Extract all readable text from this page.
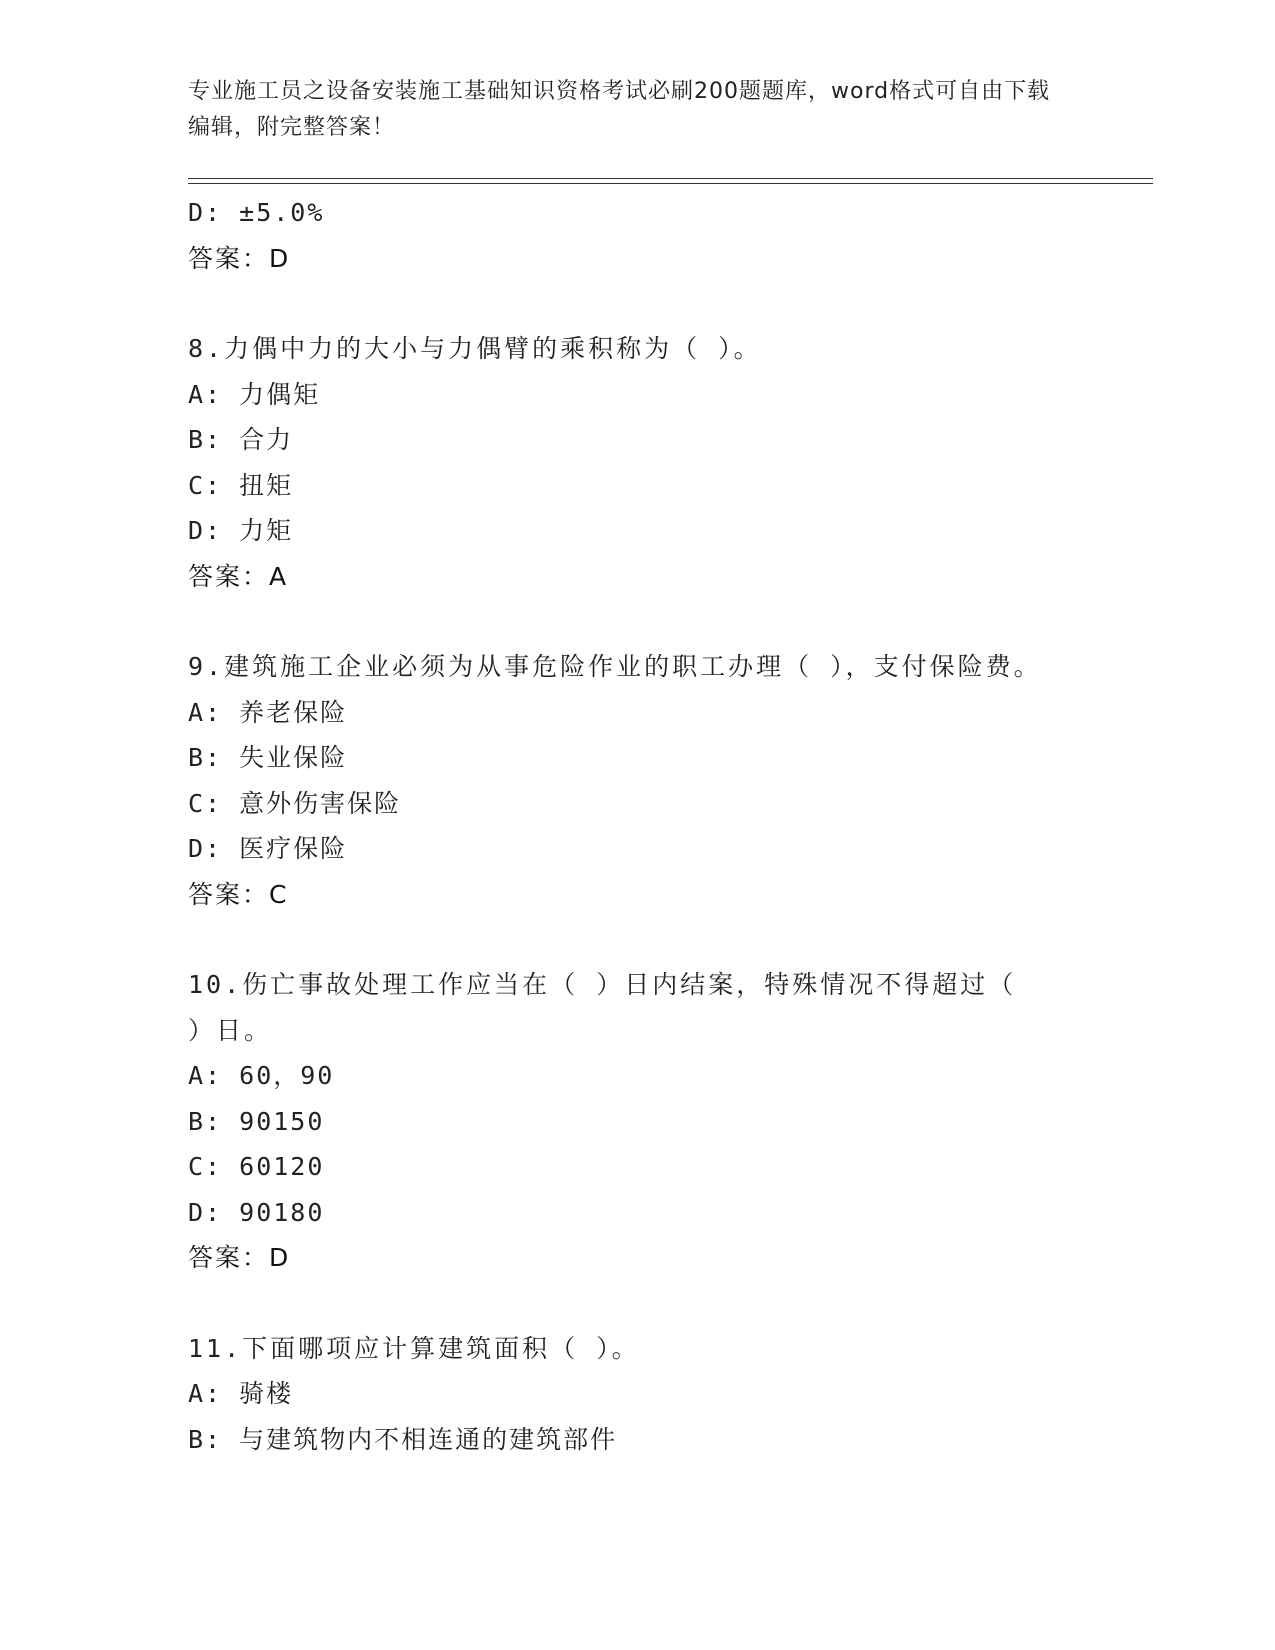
专业施工员之设备安装施工基础知识资格考试必刷200题题库，word格式可自由下载编辑，附完整答案！
D: ±5.0%
答案：D
8.力偶中力的大小与力偶臂的乘积称为（ ）。
A: 力偶矩
B: 合力
C: 扭矩
D: 力矩
答案：A
9.建筑施工企业必须为从事危险作业的职工办理（ ），支付保险费。
A: 养老保险
B: 失业保险
C: 意外伤害保险
D: 医疗保险
答案：C
10.伤亡事故处理工作应当在（ ）日内结案，特殊情况不得超过（ ）日。
A: 60，90
B: 90150
C: 60120
D: 90180
答案：D
11.下面哪项应计算建筑面积（ ）。
A: 骑楼
B: 与建筑物内不相连通的建筑部件
